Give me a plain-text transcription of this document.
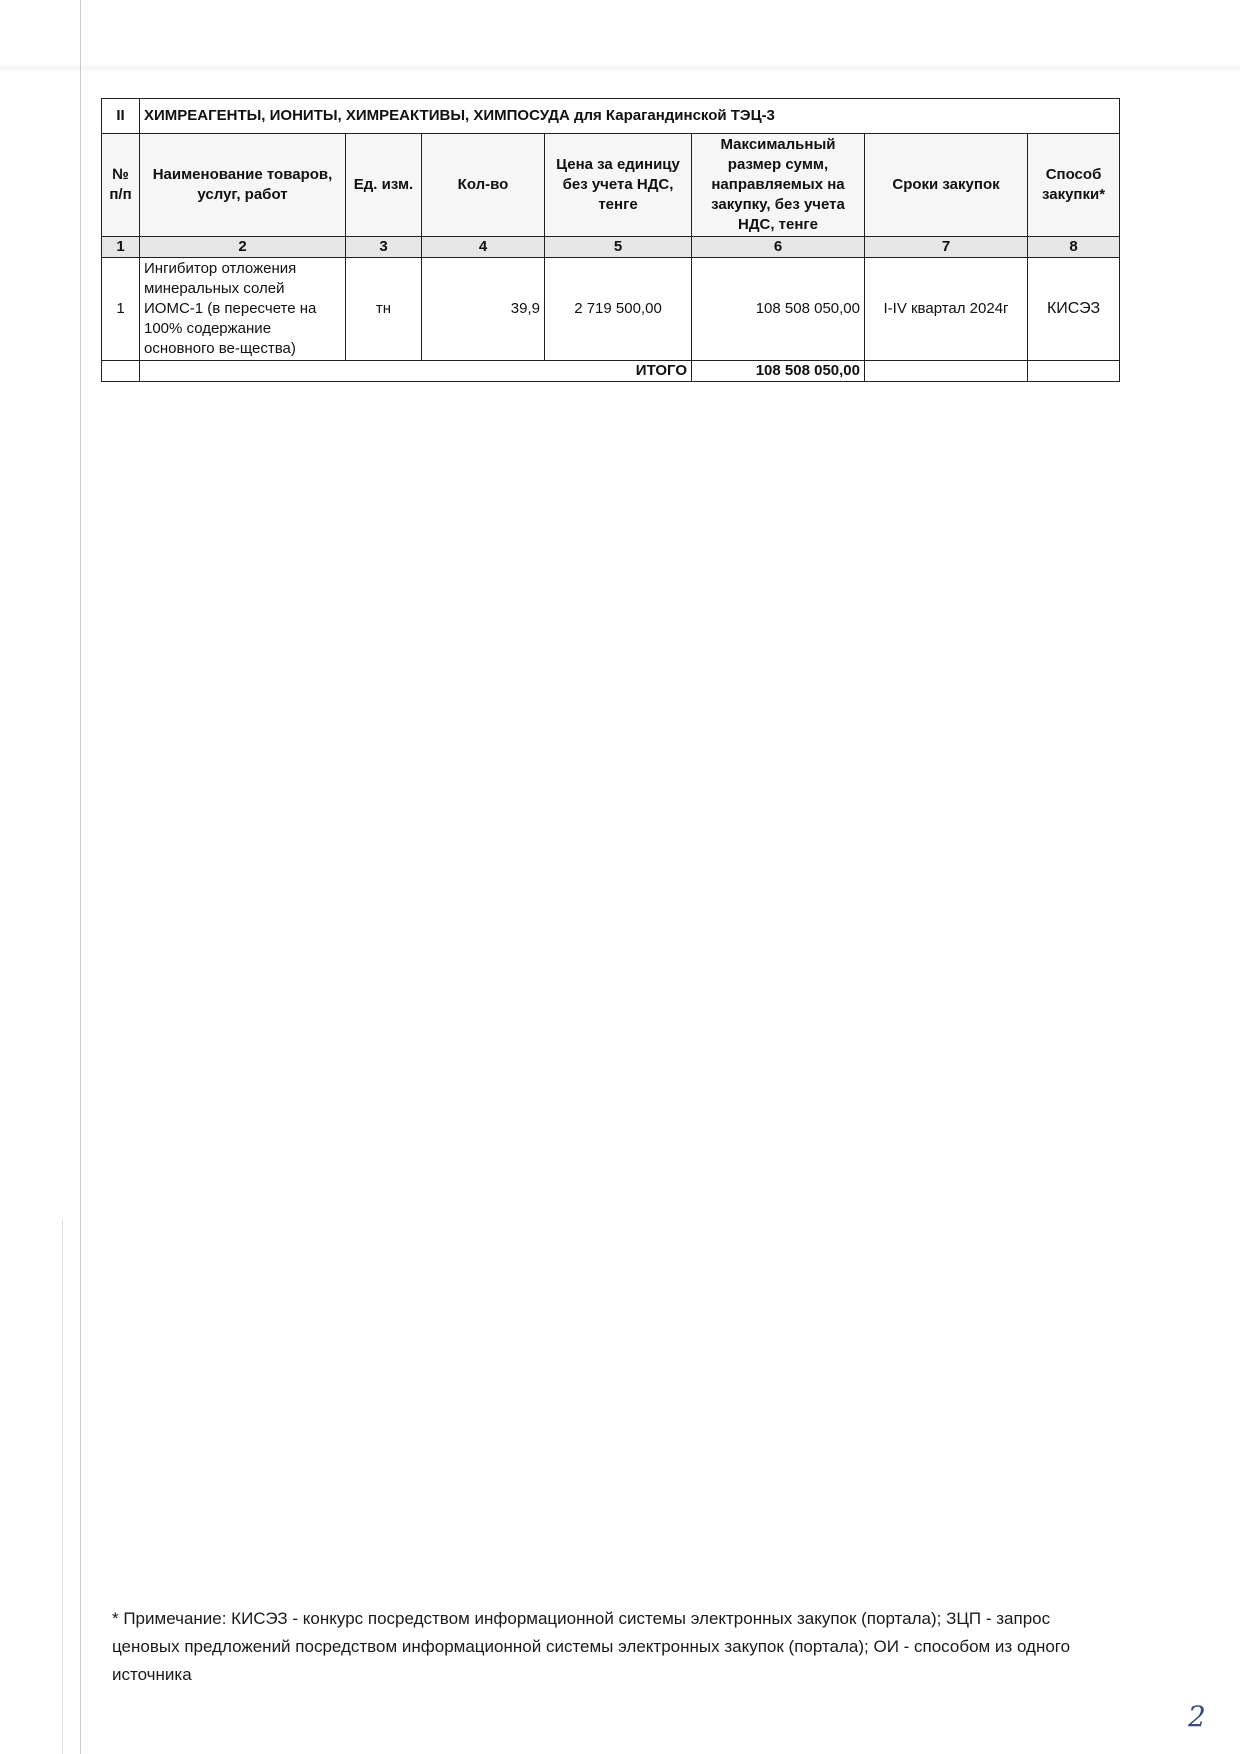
II	ХИМРЕАГЕНТЫ, ИОНИТЫ, ХИМРЕАКТИВЫ, ХИМПОСУДА для Карагандинской ТЭЦ-3						
№ п/п	Наименование товаров, услуг, работ	Ед. изм.	Кол-во	Цена за единицу без учета НДС, тенге	Максимальный размер сумм, направляемых на закупку, без учета НДС, тенге	Сроки закупок	Способ закупки*
1	2	3	4	5	6	7	8
1	Ингибитор отложения минеральных солей ИОМС-1 (в пересчете на 100% содержание основного ве-щества)	тн	39,9	2 719 500,00	108 508 050,00	I-IV квартал 2024г	КИСЭЗ
	ИТОГО				108 508 050,00		
* Примечание: КИСЭЗ - конкурс посредством информационной системы электронных закупок (портала); ЗЦП - запрос ценовых предложений посредством информационной системы электронных закупок (портала); ОИ - способом из одного источника
2
